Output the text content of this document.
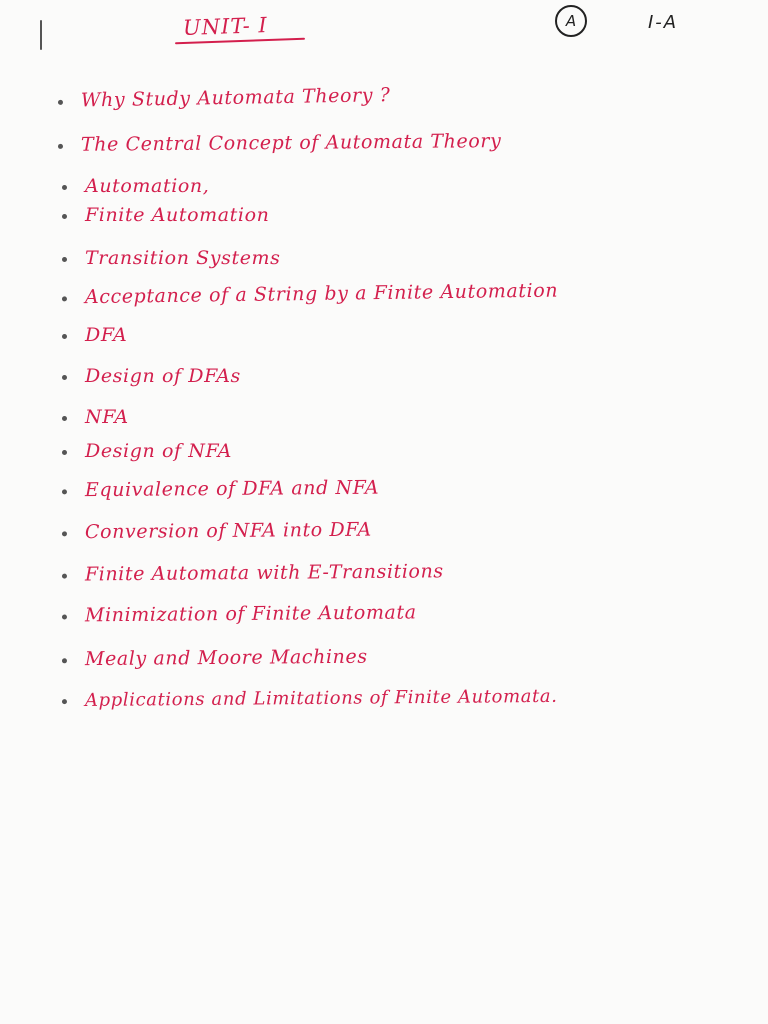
UNIT- I	A	I-A
Why Study Automata Theory ?
The Central Concept of Automata Theory
Automation,
Finite Automation
Transition Systems
Acceptance of a String by a Finite Automation
DFA
Design of DFAs
NFA
Design of NFA
Equivalence of DFA and NFA
Conversion of NFA into DFA
Finite Automata with E-Transitions
Minimization of Finite Automata
Mealy and Moore Machines
Applications and Limitations of Finite Automata.
